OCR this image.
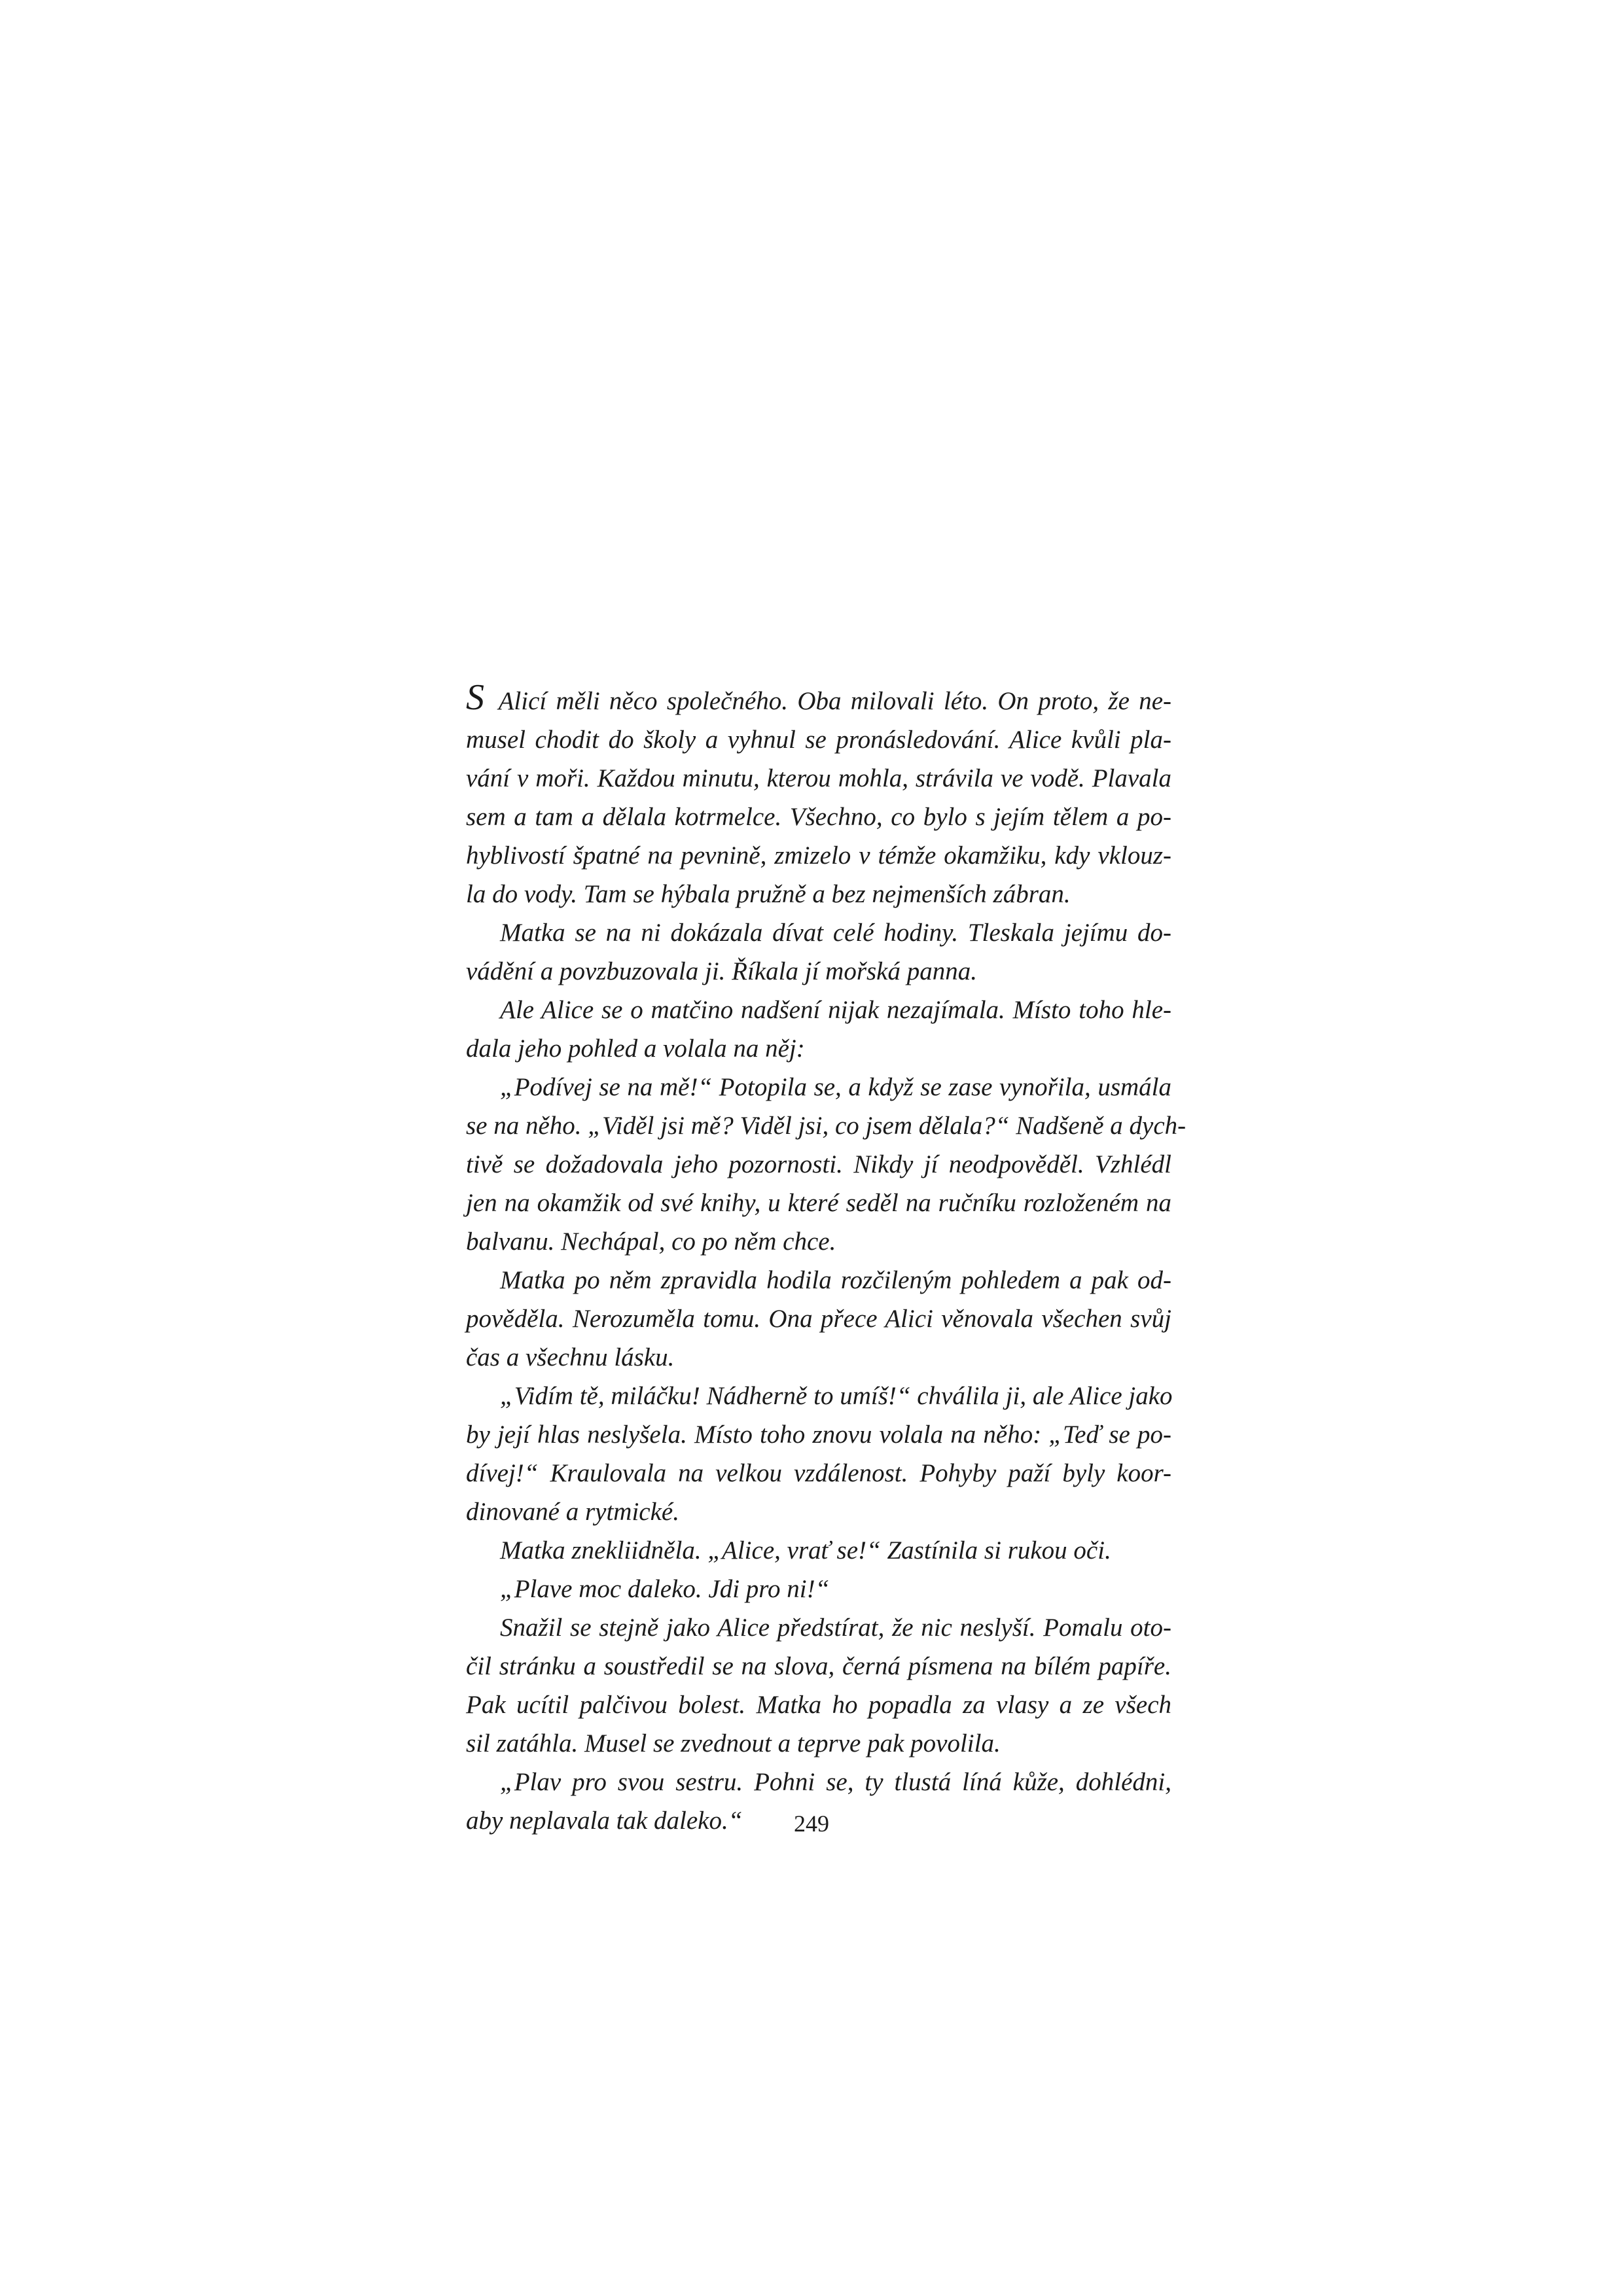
S Alicí měli něco společného. Oba milovali léto. On proto, že ne-
musel chodit do školy a vyhnul se pronásledování. Alice kvůli pla-
vání v moři. Každou minutu, kterou mohla, strávila ve vodě. Plavala
sem a tam a dělala kotrmelce. Všechno, co bylo s jejím tělem a po-
hyblivostí špatné na pevnině, zmizelo v témže okamžiku, kdy vklouz-
la do vody. Tam se hýbala pružně a bez nejmenších zábran.
Matka se na ni dokázala dívat celé hodiny. Tleskala jejímu do-
vádění a povzbuzovala ji. Říkala jí mořská panna.
Ale Alice se o matčino nadšení nijak nezajímala. Místo toho hle-
dala jeho pohled a volala na něj:
„Podívej se na mě!“ Potopila se, a když se zase vynořila, usmála
se na něho. „Viděl jsi mě? Viděl jsi, co jsem dělala?“ Nadšeně a dych-
tivě se dožadovala jeho pozornosti. Nikdy jí neodpověděl. Vzhlédl
jen na okamžik od své knihy, u které seděl na ručníku rozloženém na
balvanu. Nechápal, co po něm chce.
Matka po něm zpravidla hodila rozčileným pohledem a pak od-
pověděla. Nerozuměla tomu. Ona přece Alici věnovala všechen svůj
čas a všechnu lásku.
„Vidím tě, miláčku! Nádherně to umíš!“ chválila ji, ale Alice jako
by její hlas neslyšela. Místo toho znovu volala na něho: „Teď se po-
dívej!“ Kraulovala na velkou vzdálenost. Pohyby paží byly koor-
dinované a rytmické.
Matka znekliidněla. „Alice, vrať se!“ Zastínila si rukou oči.
„Plave moc daleko. Jdi pro ni!“
Snažil se stejně jako Alice předstírat, že nic neslyší. Pomalu oto-
čil stránku a soustředil se na slova, černá písmena na bílém papíře.
Pak ucítil palčivou bolest. Matka ho popadla za vlasy a ze všech
sil zatáhla. Musel se zvednout a teprve pak povolila.
„Plav pro svou sestru. Pohni se, ty tlustá líná kůže, dohlédni,
aby neplavala tak daleko.“	249
